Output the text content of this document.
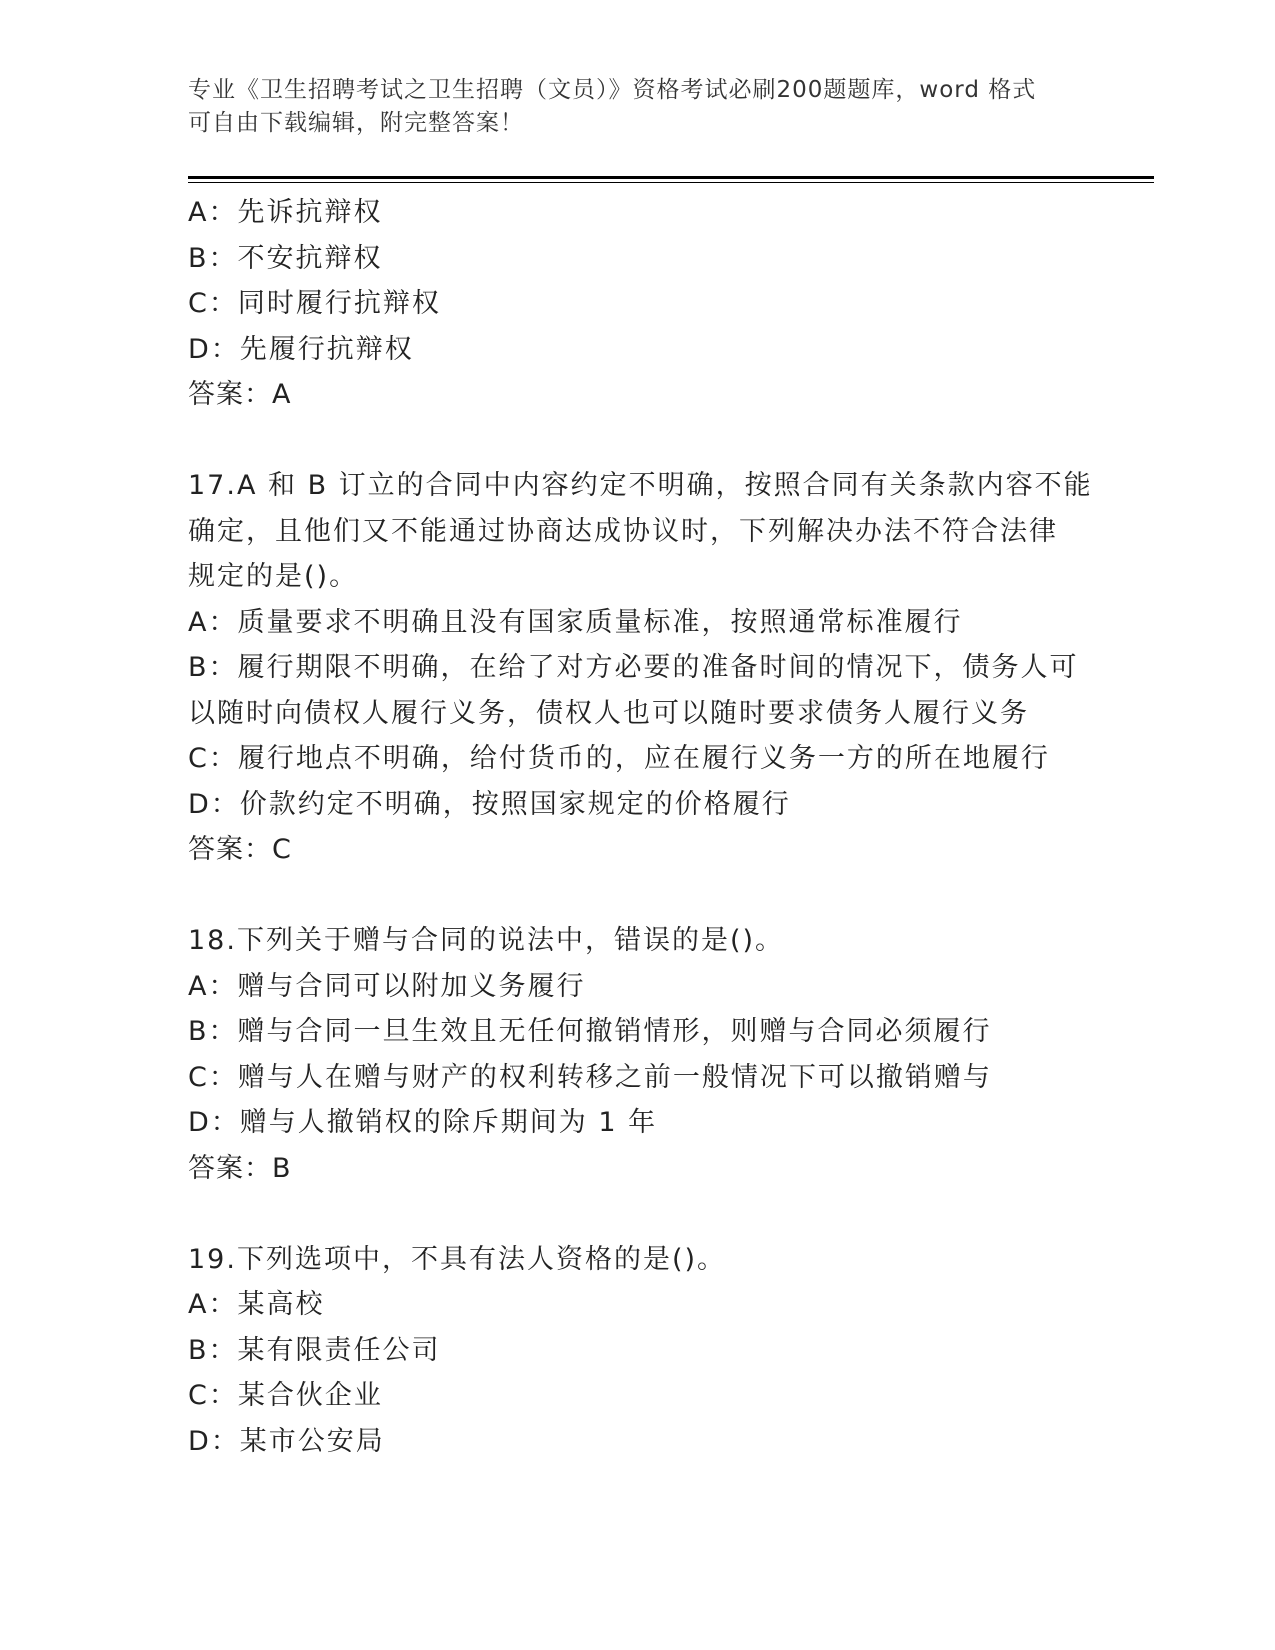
专业《卫生招聘考试之卫生招聘（文员）》资格考试必刷200题题库，word 格式
可自由下载编辑，附完整答案！
A：先诉抗辩权
B：不安抗辩权
C：同时履行抗辩权
D：先履行抗辩权
答案：A
17.A 和 B 订立的合同中内容约定不明确，按照合同有关条款内容不能
确定，且他们又不能通过协商达成协议时，下列解决办法不符合法律
规定的是()。
A：质量要求不明确且没有国家质量标准，按照通常标准履行
B：履行期限不明确，在给了对方必要的准备时间的情况下，债务人可
以随时向债权人履行义务，债权人也可以随时要求债务人履行义务
C：履行地点不明确，给付货币的，应在履行义务一方的所在地履行
D：价款约定不明确，按照国家规定的价格履行
答案：C
18.下列关于赠与合同的说法中，错误的是()。
A：赠与合同可以附加义务履行
B：赠与合同一旦生效且无任何撤销情形，则赠与合同必须履行
C：赠与人在赠与财产的权利转移之前一般情况下可以撤销赠与
D：赠与人撤销权的除斥期间为 1 年
答案：B
19.下列选项中，不具有法人资格的是()。
A：某高校
B：某有限责任公司
C：某合伙企业
D：某市公安局
